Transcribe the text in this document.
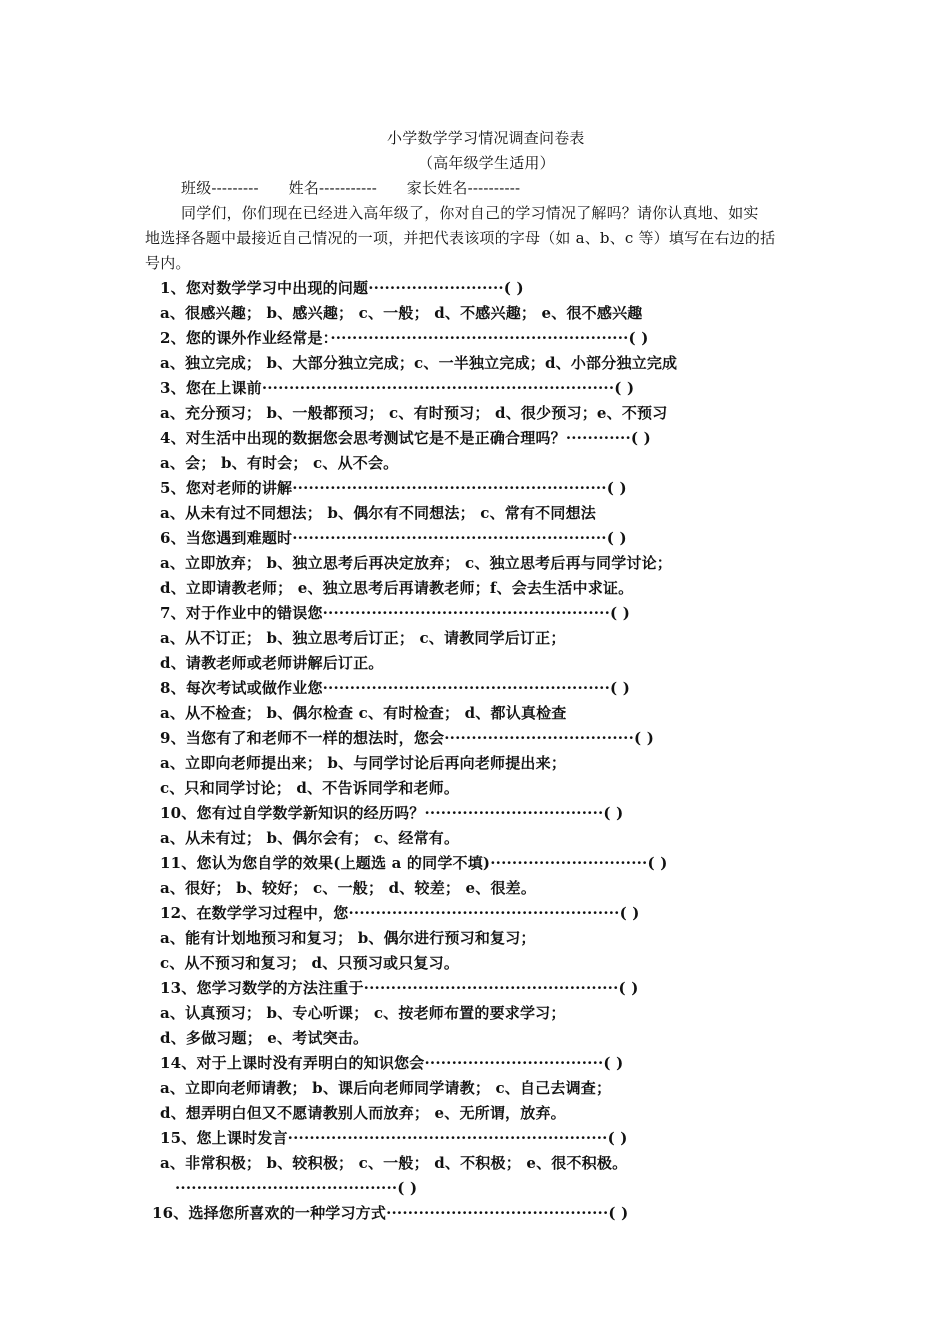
小学数学学习情况调查问卷表
（高年级学生适用）
班级---------      姓名-----------      家长姓名----------
同学们，你们现在已经进入高年级了，你对自己的学习情况了解吗？请你认真地、如实
地选择各题中最接近自己情况的一项，并把代表该项的字母（如 a、b、c 等）填写在右边的括
号内。
1、您对数学学习中出现的问题·························( )
a、很感兴趣； b、感兴趣； c、一般； d、不感兴趣； e、很不感兴趣
2、您的课外作业经常是：·······················································( )
a、独立完成； b、大部分独立完成；c、一半独立完成；d、小部分独立完成
3、您在上课前·································································( )
a、充分预习； b、一般都预习； c、有时预习； d、很少预习；e、不预习
4、对生活中出现的数据您会思考测试它是不是正确合理吗？············( )
a、会； b、有时会； c、从不会。
5、您对老师的讲解··························································( )
a、从未有过不同想法； b、偶尔有不同想法； c、常有不同想法
6、当您遇到难题时··························································( )
a、立即放弃； b、独立思考后再决定放弃； c、独立思考后再与同学讨论；
d、立即请教老师； e、独立思考后再请教老师；f、会去生活中求证。
7、对于作业中的错误您·····················································( )
a、从不订正； b、独立思考后订正； c、请教同学后订正；
d、请教老师或老师讲解后订正。
8、每次考试或做作业您·····················································( )
a、从不检查； b、偶尔检查 c、有时检查； d、都认真检查
9、当您有了和老师不一样的想法时，您会···································( )
a、立即向老师提出来； b、与同学讨论后再向老师提出来；
c、只和同学讨论； d、不告诉同学和老师。
10、您有过自学数学新知识的经历吗？·································( )
a、从未有过； b、偶尔会有； c、经常有。
11、您认为您自学的效果(上题选 a 的同学不填)·····························( )
a、很好； b、较好； c、一般； d、较差； e、很差。
12、在数学学习过程中，您··················································( )
a、能有计划地预习和复习； b、偶尔进行预习和复习；
c、从不预习和复习； d、只预习或只复习。
13、您学习数学的方法注重于···············································( )
a、认真预习； b、专心听课； c、按老师布置的要求学习；
d、多做习题； e、考试突击。
14、对于上课时没有弄明白的知识您会·································( )
a、立即向老师请教； b、课后向老师同学请教； c、自己去调查；
d、想弄明白但又不愿请教别人而放弃； e、无所谓，放弃。
15、您上课时发言···························································( )
a、非常积极； b、较积极； c、一般； d、不积极； e、很不积极。
·········································( )
16、选择您所喜欢的一种学习方式·········································( )
